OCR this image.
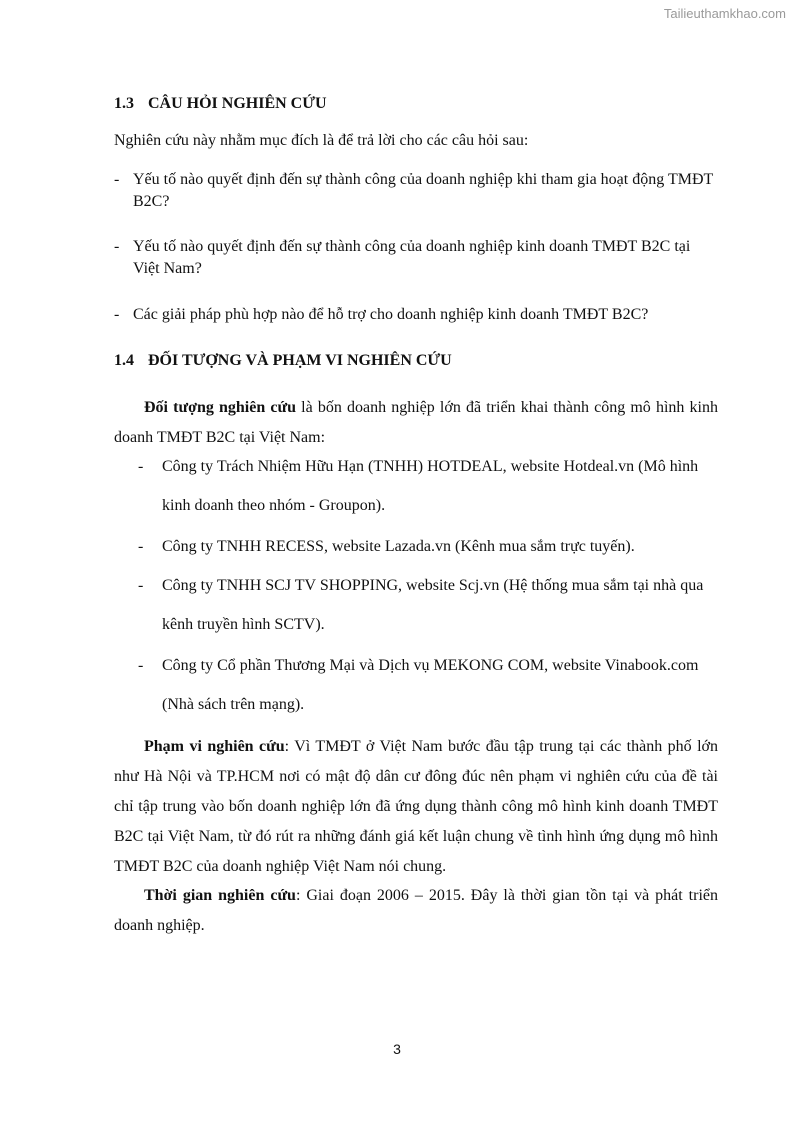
Tailieuthamkhao.com
1.3 CÂU HỎI NGHIÊN CỨU

Nghiên cứu này nhằm mục đích là để trả lời cho các câu hỏi sau:

- Yếu tố nào quyết định đến sự thành công của doanh nghiệp khi tham gia hoạt động TMĐT B2C?
- Yếu tố nào quyết định đến sự thành công của doanh nghiệp kinh doanh TMĐT B2C tại Việt Nam?
- Các giải pháp phù hợp nào để hỗ trợ cho doanh nghiệp kinh doanh TMĐT B2C?
1.4 ĐỐI TƯỢNG VÀ PHẠM VI NGHIÊN CỨU

Đối tượng nghiên cứu là bốn doanh nghiệp lớn đã triển khai thành công mô hình kinh doanh TMĐT B2C tại Việt Nam:

- Công ty Trách Nhiệm Hữu Hạn (TNHH) HOTDEAL, website Hotdeal.vn (Mô hình kinh doanh theo nhóm - Groupon).
- Công ty TNHH RECESS, website Lazada.vn (Kênh mua sắm trực tuyến).
- Công ty TNHH SCJ TV SHOPPING, website Scj.vn (Hệ thống mua sắm tại nhà qua kênh truyền hình SCTV).
- Công ty Cổ phần Thương Mại và Dịch vụ MEKONG COM, website Vinabook.com (Nhà sách trên mạng).

Phạm vi nghiên cứu: Vì TMĐT ở Việt Nam bước đầu tập trung tại các thành phố lớn như Hà Nội và TP.HCM nơi có mật độ dân cư đông đúc nên phạm vi nghiên cứu của đề tài chỉ tập trung vào bốn doanh nghiệp lớn đã ứng dụng thành công mô hình kinh doanh TMĐT B2C tại Việt Nam, từ đó rút ra những đánh giá kết luận chung về tình hình ứng dụng mô hình TMĐT B2C của doanh nghiệp Việt Nam nói chung.

Thời gian nghiên cứu: Giai đoạn 2006 – 2015. Đây là thời gian tồn tại và phát triển doanh nghiệp.

3
